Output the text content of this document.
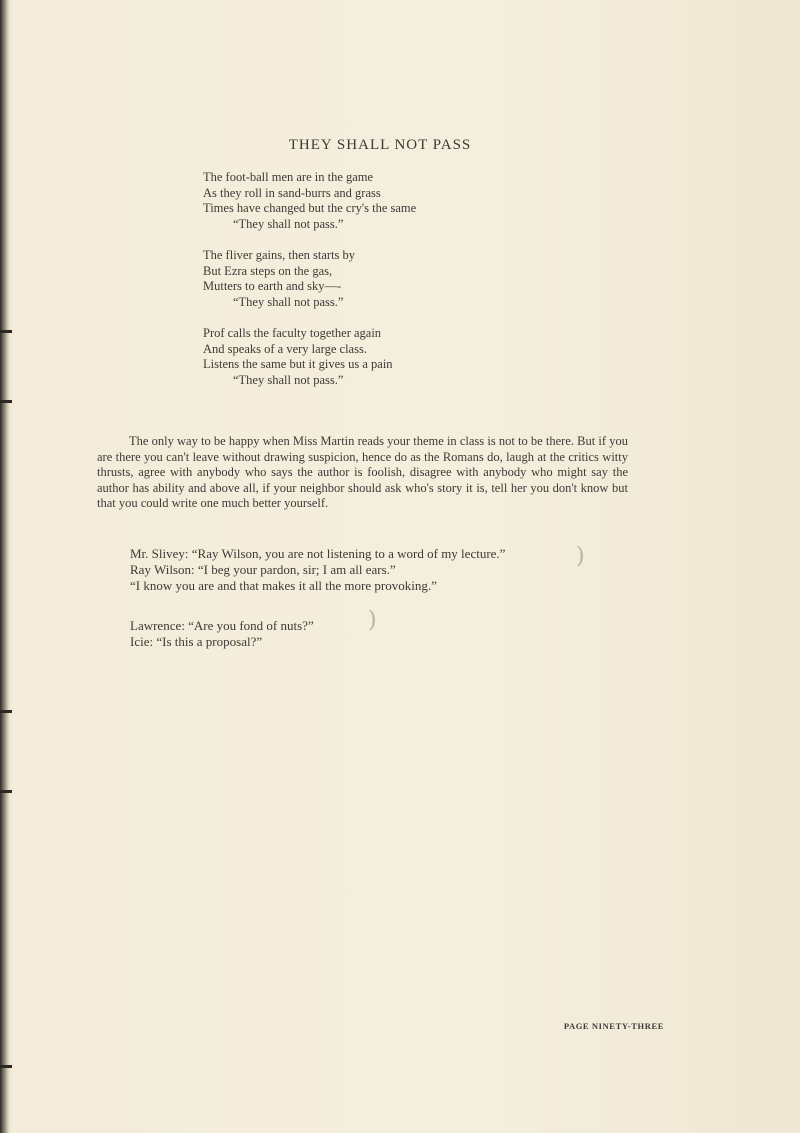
THEY SHALL NOT PASS
The foot-ball men are in the game
As they roll in sand-burrs and grass
Times have changed but the cry's the same
“They shall not pass.”
The fliver gains, then starts by
But Ezra steps on the gas,
Mutters to earth and sky—-
“They shall not pass.”
Prof calls the faculty together again
And speaks of a very large class.
Listens the same but it gives us a pain
“They shall not pass.”
The only way to be happy when Miss Martin reads your theme in class is not to be there. But if you are there you can't leave without drawing suspicion, hence do as the Romans do, laugh at the critics witty thrusts, agree with anybody who says the author is foolish, disagree with anybody who might say the author has ability and above all, if your neighbor should ask who's story it is, tell her you don't know but that you could write one much better yourself.
Mr. Slivey: “Ray Wilson, you are not listening to a word of my lecture.”
Ray Wilson: “I beg your pardon, sir; I am all ears.”
“I know you are and that makes it all the more provoking.”
)
Lawrence: “Are you fond of nuts?”
Icie: “Is this a proposal?”
)
PAGE NINETY-THREE
